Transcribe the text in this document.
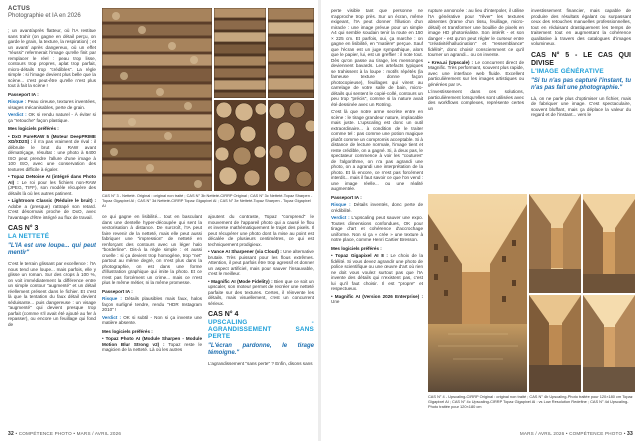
ACTUS
Photographie et IA en 2026

; un avant/après flatteur, où l'IA restitue sans trahir (on gagne en détail perçu, on garde le grain, la texture, la respiration) ; et un avant/ après dangereux, où un effet "réussi" refermerait l'image qu'elle finit par remplacer le réel : peau trop lisse, contours trop propres, aplat trop parfait, micro-détails trop "crédibles". La règle simple : si l'image devient plus belle que la scène... c'est peut-être qu'elle n'est plus tout à fait la scène !

Passeport IA :

Risque : Peau cireuse, textures inventées, visages mécanisables, perte de grain.

Verdict : OK si rendu naturel - À éviter si ça "retouche" façon plastique.

Mes logiciels préférés :

• DxO PureRAW 5 (Moteur DeepPRIME XD/XD2S) : il n'a pas vraiment de rival : il débruite le brut du RAW avant dématriçage, résultat : une photo à 6400 ISO peut prendre l'allure d'une image à 100 ISO, avec une conservation des textures difficile à égaler.

• Topaz DeNoise AI (intégré dans Photo AI) : Le roi pour les fichiers non-RAW (JPEG, TIFF), son modèle récupère des détails là où les autres patinent.

• Lightroom Classic (Réduire le bruit) : Adobe a (presque) rattrapé son retard. C'est désormais proche de DxO, avec l'avantage d'être intégré au flux de travail.

CAS N° 3
LA NETTETÉ
"L'IA est une loupe... qui peut mentir"

C'est le terrain glissant par excellence : l'IA nous tend une loupe... mais parfois, elle y glisse un roman. Sur des crops à 100 %, on voit immédiatement la différence entre un simple contour "augmenté" et un détail réellement présent dans le fichier. Et c'est là que la tentation du faux détail devient séduisante... puis dangereuse : un visage "augmenté" qui devient presque trop parfait (comme s'il avait été ajouté au fer à repasser), ou encore un feuillage qui fond de

CAS N° 3 - Netteté. Original : original non traité ; CAS N° 3b Netteté-CIRRP Original ; CAS N° 3c Netteté-Topaz Sharpen - Topaz Gigapixel AI ; CAS N° 3d Netteté-CIRRP Topaz Gigapixel AI ; CAS N° 3e Netteté-Topaz Sharpen - Topaz Gigapixel AI

ce qui gagne en lisibilité... tout en basculant dans une dentelle hyper-découpée qui sent la vectorisation à distance. De surcroît, l'IA peut faire revenir de la netteté, mais elle peut aussi fabriquer une "impression" de netteté en renforçant des contours avec un léger halo "borderline". Dis-à la règle simple : et aussi cruelle : si ça devient trop homogène, trop "net" partout au même degré, on n'est plus dans la photographie, on est dans une forme d'illustration graphique qui imite la photo. Et ce n'est pas forcément un crime... mais ce n'est plus le même métier, ni la même promesse.

Passeport IA :

Risque : Détails plausibles mais faux, halos façon surligné tendre, rendu "HDR Instagram 2010" !

Verdict : OK si subtil - Non si ça invente une matière absente.

Mes logiciels préférés :

• Topaz Photo AI (Module Sharpen - Module Motion Blur Strong v2) : Topaz reste le magicien de la netteté. Là où les autres

ajoutent du contraste, Topaz "comprend" le mouvement de l'appareil photo qui a causé le flou et inverse mathématiquement le trajet des pixels. Il peut récupérer une photo dont la mise au point est décalée de plusieurs centimètres, ce qui est techniquement prodigieux.

• Vance AI Sharpener (via Cloud) : Une alternative brutale. Très puissant pour les flous extrêmes. Attention, il peut parfois être trop agressif et donner un aspect artificiel, mais pour sauver l'insauvable, c'est le meilleur.

• Magnific AI (Mode Fidelity) : Bien que ce soit un upscaler, son moteur permet de recréer une netteté parfaite sur des textures. Certes, il réinvente les détails, mais visuellement, c'est un concurrent sérieux.

CAS N° 4
UPSCALING - AGRANDISSEMENT SANS PERTE
"L'écran pardonne, le tirage témoigne."

L'agrandissement "sans perte" ? Enfin, disons sans

32 • COMPÉTENCE PHOTO • MARS / AVRIL 2026

perte visible tant que personne ne s'approche trop près. Sur un écran, même exigeant, l'IA peut donner l'illusion d'un miracle : une image prévue pour un simple A4 qui semble soudain tenir la route en 150 × 225 cm. Et parfois, oui, ça marche : on gagne en lisibilité, en "matière" perçue. Sauf que l'écran est un juge sympathique, alors que le papier, lui, est un greffier : il note tout. Dès qu'on passe au tirage, les mensonges deviennent bavards. Les artefacts typiques se trahissent à la loupe : motifs répétés (la fameuse texture donne façon photocopieuse), feuillages qui virent au carrelage de votre salle de bain, micro-détails qui sentent le copié-collé, contours un peu trop "précis", comme si la nature avait été dessinée avec un Rotring.

C'est là que notre arme secrète entre en scène : le tirage grandeur nature, implacable mais juste. L'upscaling est donc un outil extraordinaire... à condition de le traiter comme tel : pas comme une potion magique plutôt comme un compromis acceptable. Si à distance de lecture normale, l'image tient et reste crédible, on a gagné. Si, à deux pas, le spectateur commence à voir les "coutures" de l'algorithme, on n'a pas agrandi une photo, on a agrandi une interprétation de la photo. Et là encore, ce n'est pas forcément interdit... mais il faut savoir ce que l'on vend : une image réelle... ou une réalité augmentée.

Passeport IA :

Risque : Détails inventés, donc perte de crédibilité.

Verdict : L'upscaling peut sauver une expo. Toutes dimensions confondues, OK pour tirage d'art et cohérence d'accrochage uniforme. Non si ça « crée » une texture à notre place, comme Henri Cartier Bresson.

Mes logiciels préférés :

• Topaz Gigapixel AI 8 : Le choix de la fidélité. Si vous devez agrandir une photo de police scientifique ou une œuvre d'art où rien ne doit vous voulez surtout pas que l'IA invente des détails qui n'existent pas, c'est lui qu'il faut choisir. Il est "propre" et respectueux.

• Magnific AI (Version 2026 Enterprise) : Une

rupture annoncée : au lieu d'interpoler, il utilise l'IA générative pour "rêver" les textures absentes (trame d'un tissu, feuillage, micro-détail) et transformer une bouillie de pixels en image HD photoréaliste. Son intérêt - et son danger - est qu'on peut régler le curseur entre "créativité/hallucination" et "ressemblance" fidélité", donc choisir consciemment ce qu'il tourner un agrandi... ou on invente.

• Krea.ai (Upscale) : Le concurrent direct de Magnific. Très performant, souvent plus rapide, avec une interface web fluide. Excellent particulièrement sur les images artistiques ou générées par IA.

L'investissement dans ces solutions, particulièrement lorsqu'elles sont utilisées avec des workflows complexes, représente certes un

investissement financier, mais capable de produire des résultats égalant ou surpassant ceux des retouches manuelles professionnelles, tout en réduisant drastiquement les temps de traitement tout en augmentant la cohérence qualitative à travers des catalogues d'images volumineux.

CAS N° 5 - LE CAS QUI DIVISE
L'IMAGE GÉNÉRATIVE
"Si tu n'as pas capturé l'instant, tu n'as pas fait une photographie."

Là, on ne parle plus d'optimiser un fichier, mais de fabriquer une image. C'est spectaculaire, souvent bluffant, mais ça déplace la valeur du regard et de l'instant... vers le

CAS N° 4 - Upscaling-CIRRP Original : original non traité ; CAS N° 4b Upscaling-Photo traitée pour 120×180 cm Topaz Gigapixel AI ; CAS N° 4c Upscaling-CIRRP Topaz Gigapixel AI : vs Low Resolution Redefine ; CAS N° 4d Upscaling-Photo traitée pour 120×180 cm
MARS / AVRIL 2026 • COMPÉTENCE PHOTO • 33
